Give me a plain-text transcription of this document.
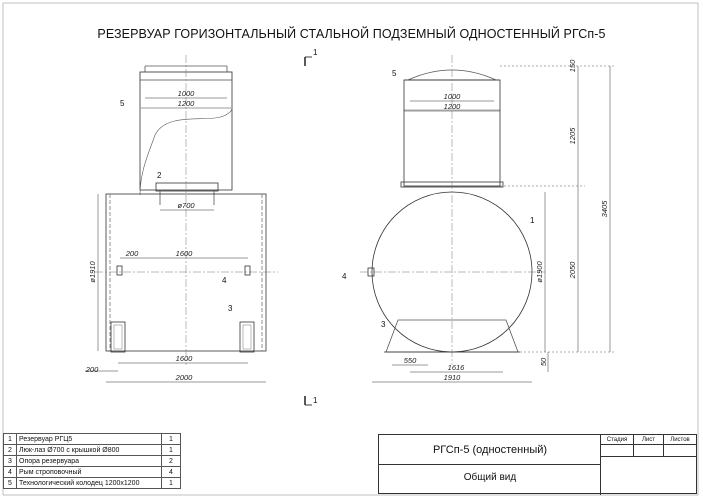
РЕЗЕРВУАР ГОРИЗОНТАЛЬНЫЙ СТАЛЬНОЙ ПОДЗЕМНЫЙ ОДНОСТЕННЫЙ РГСп-5
1000
1200
ø700
ø1910
200	1600
1600
200
2000
5
2
4
3
1
1
1000
1200
150
1205
3405
2050
ø1900
50
550
1616
1910
5
1
4
3
1	Резервуар РГЦ5	1
2	Люк-лаз Ø700 с крышкой Ø800	1
3	Опора резервуара	2
4	Рым строповочный	4
5	Технологический колодец 1200х1200	1
РГСп-5 (одностенный)
Общий вид
Стадия	Лист	Листов
